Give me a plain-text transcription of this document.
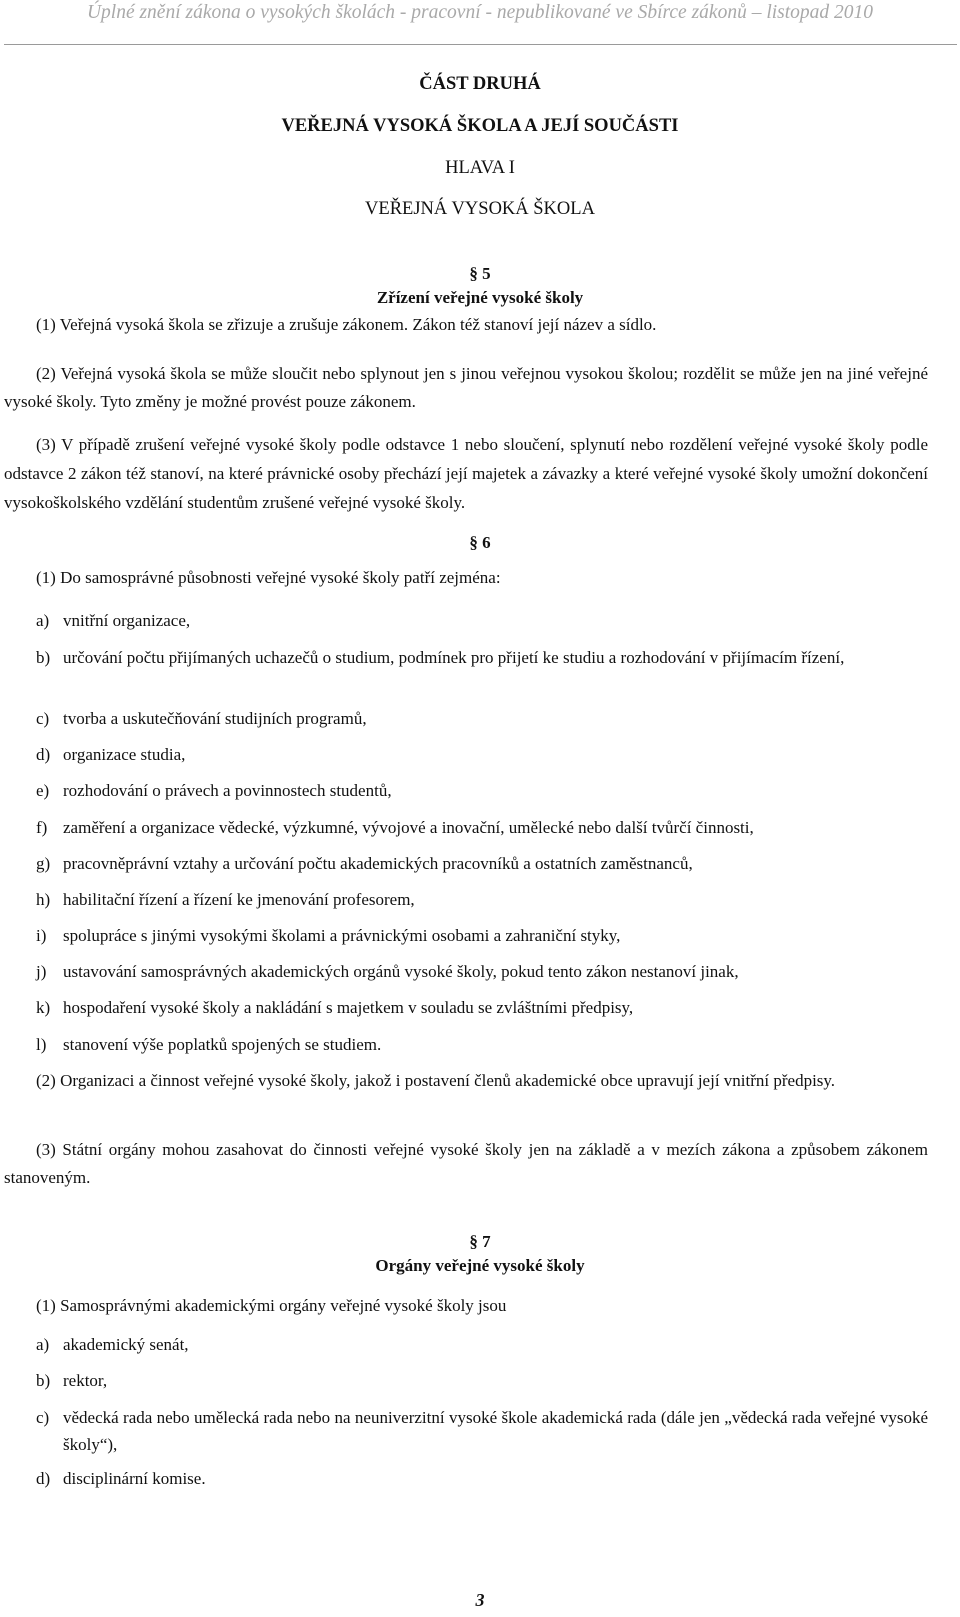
Úplné znění zákona o vysokých školách - pracovní - nepublikované ve Sbírce zákonů – listopad 2010
ČÁST DRUHÁ
VEŘEJNÁ VYSOKÁ ŠKOLA A JEJÍ SOUČÁSTI
HLAVA I
VEŘEJNÁ VYSOKÁ ŠKOLA
§ 5
Zřízení veřejné vysoké školy
(1) Veřejná vysoká škola se zřizuje a zrušuje zákonem. Zákon též stanoví její název a sídlo.
(2) Veřejná vysoká škola se může sloučit nebo splynout jen s jinou veřejnou vysokou školou; rozdělit se může jen na jiné veřejné vysoké školy. Tyto změny je možné provést pouze zákonem.
(3) V případě zrušení veřejné vysoké školy podle odstavce 1 nebo sloučení, splynutí nebo rozdělení veřejné vysoké školy podle odstavce 2 zákon též stanoví, na které právnické osoby přechází její majetek a závazky a které veřejné vysoké školy umožní dokončení vysokoškolského vzdělání studentům zrušené veřejné vysoké školy.
§ 6
(1) Do samosprávné působnosti veřejné vysoké školy patří zejména:
a) vnitřní organizace,
b) určování počtu přijímaných uchazečů o studium, podmínek pro přijetí ke studiu a rozhodování v přijímacím řízení,
c) tvorba a uskutečňování studijních programů,
d) organizace studia,
e) rozhodování o právech a povinnostech studentů,
f) zaměření a organizace vědecké, výzkumné, vývojové a inovační, umělecké nebo další tvůrčí činnosti,
g) pracovněprávní vztahy a určování počtu akademických pracovníků a ostatních zaměstnanců,
h) habilitační řízení a řízení ke jmenování profesorem,
i) spolupráce s jinými vysokými školami a právnickými osobami a zahraniční styky,
j) ustavování samosprávných akademických orgánů vysoké školy, pokud tento zákon nestanoví jinak,
k) hospodaření vysoké školy a nakládání s majetkem v souladu se zvláštními předpisy,
l) stanovení výše poplatků spojených se studiem.
(2) Organizaci a činnost veřejné vysoké školy, jakož i postavení členů akademické obce upravují její vnitřní předpisy.
(3) Státní orgány mohou zasahovat do činnosti veřejné vysoké školy jen na základě a v mezích zákona a způsobem zákonem stanoveným.
§ 7
Orgány veřejné vysoké školy
(1) Samosprávnými akademickými orgány veřejné vysoké školy jsou
a) akademický senát,
b) rektor,
c) vědecká rada nebo umělecká rada nebo na neuniverzitní vysoké škole akademická rada (dále jen „vědecká rada veřejné vysoké školy“),
d) disciplinární komise.
3
